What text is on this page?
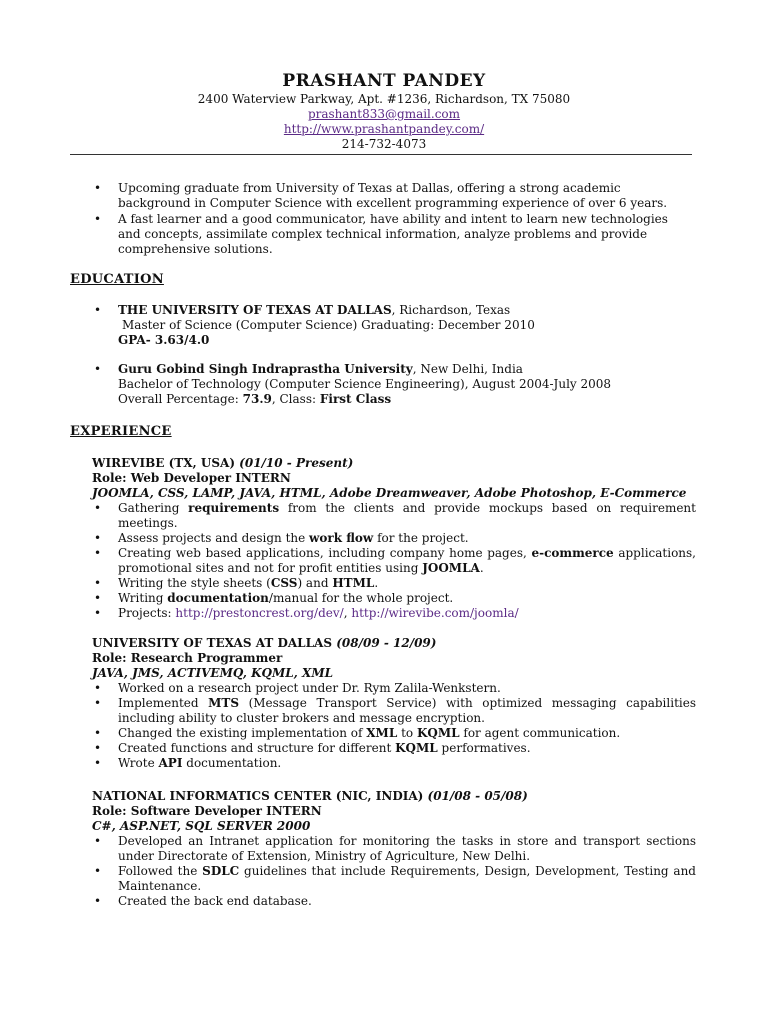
PRASHANT PANDEY
2400 Waterview Parkway, Apt. #1236, Richardson, TX 75080
prashant833@gmail.com
http://www.prashantpandey.com/
214-732-4073
• Upcoming graduate from University of Texas at Dallas, offering a strong academic background in Computer Science with excellent programming experience of over 6 years.
• A fast learner and a good communicator, have ability and intent to learn new technologies and concepts, assimilate complex technical information, analyze problems and provide comprehensive solutions.
EDUCATION
• THE UNIVERSITY OF TEXAS AT DALLAS, Richardson, Texas
Master of Science (Computer Science) Graduating: December 2010
GPA- 3.63/4.0
• Guru Gobind Singh Indraprastha University, New Delhi, India
Bachelor of Technology (Computer Science Engineering), August 2004-July 2008
Overall Percentage: 73.9, Class: First Class
EXPERIENCE
WIREVIBE (TX, USA) (01/10 - Present)
Role: Web Developer INTERN
JOOMLA, CSS, LAMP, JAVA, HTML, Adobe Dreamweaver, Adobe Photoshop, E-Commerce
• Gathering requirements from the clients and provide mockups based on requirement meetings.
• Assess projects and design the work flow for the project.
• Creating web based applications, including company home pages, e-commerce applications, promotional sites and not for profit entities using JOOMLA.
• Writing the style sheets (CSS) and HTML.
• Writing documentation/manual for the whole project.
• Projects: http://prestoncrest.org/dev/, http://wirevibe.com/joomla/
UNIVERSITY OF TEXAS AT DALLAS (08/09 - 12/09)
Role: Research Programmer
JAVA, JMS, ACTIVEMQ, KQML, XML
• Worked on a research project under Dr. Rym Zalila-Wenkstern.
• Implemented MTS (Message Transport Service) with optimized messaging capabilities including ability to cluster brokers and message encryption.
• Changed the existing implementation of XML to KQML for agent communication.
• Created functions and structure for different KQML performatives.
• Wrote API documentation.
NATIONAL INFORMATICS CENTER (NIC, INDIA) (01/08 - 05/08)
Role: Software Developer INTERN
C#, ASP.NET, SQL SERVER 2000
• Developed an Intranet application for monitoring the tasks in store and transport sections under Directorate of Extension, Ministry of Agriculture, New Delhi.
• Followed the SDLC guidelines that include Requirements, Design, Development, Testing and Maintenance.
• Created the back end database.
